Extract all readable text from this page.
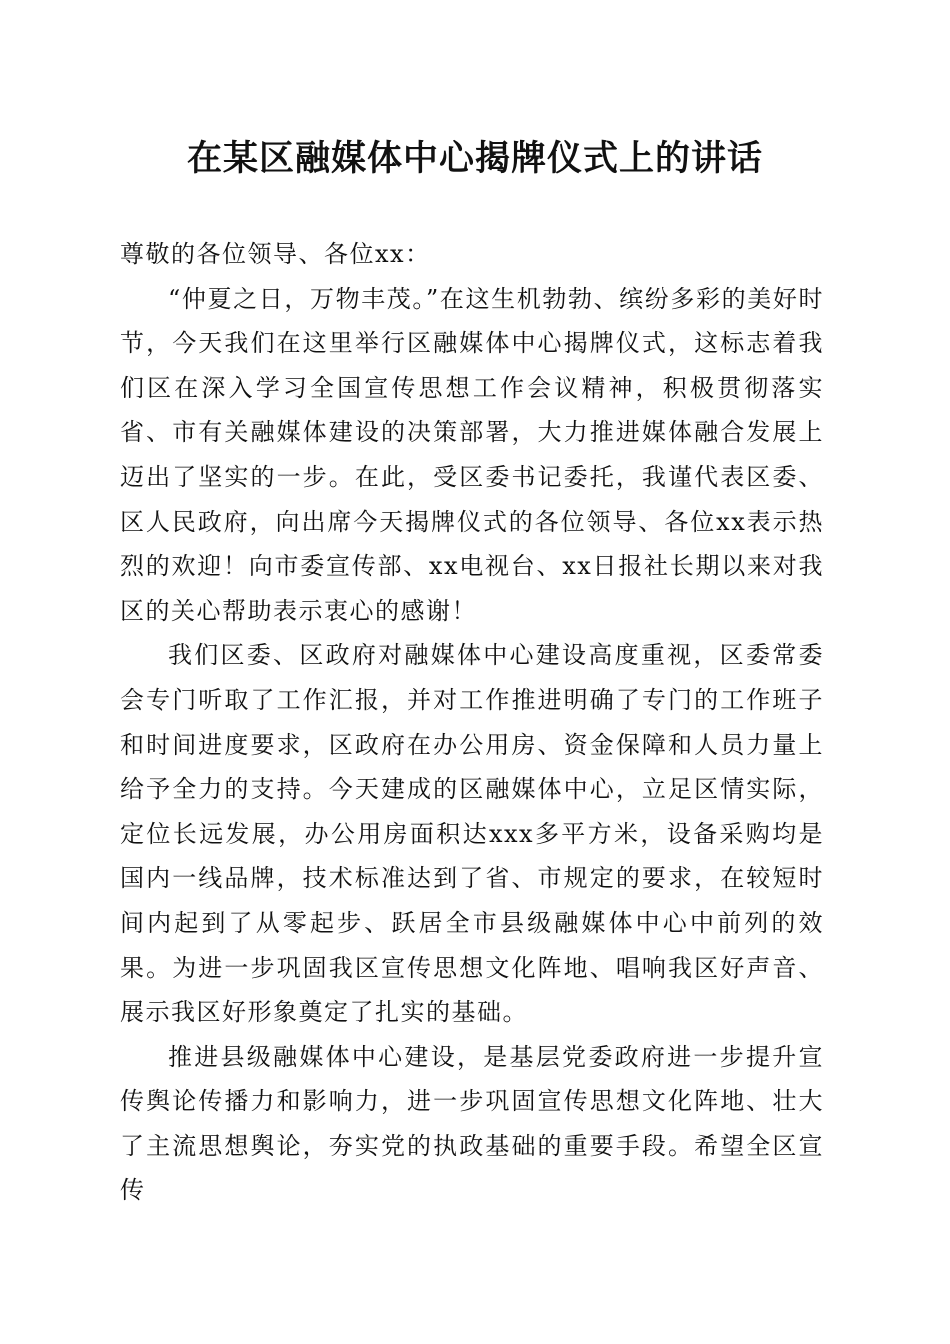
在某区融媒体中心揭牌仪式上的讲话

尊敬的各位领导、各位xx：

“仲夏之日，万物丰茂。”在这生机勃勃、缤纷多彩的美好时节，今天我们在这里举行区融媒体中心揭牌仪式，这标志着我们区在深入学习全国宣传思想工作会议精神，积极贯彻落实省、市有关融媒体建设的决策部署，大力推进媒体融合发展上迈出了坚实的一步。在此，受区委书记委托，我谨代表区委、区人民政府，向出席今天揭牌仪式的各位领导、各位xx表示热烈的欢迎！向市委宣传部、xx电视台、xx日报社长期以来对我区的关心帮助表示衷心的感谢！

我们区委、区政府对融媒体中心建设高度重视，区委常委会专门听取了工作汇报，并对工作推进明确了专门的工作班子和时间进度要求，区政府在办公用房、资金保障和人员力量上给予全力的支持。今天建成的区融媒体中心，立足区情实际，定位长远发展，办公用房面积达xxx多平方米，设备采购均是国内一线品牌，技术标准达到了省、市规定的要求，在较短时间内起到了从零起步、跃居全市县级融媒体中心中前列的效果。为进一步巩固我区宣传思想文化阵地、唱响我区好声音、展示我区好形象奠定了扎实的基础。

推进县级融媒体中心建设，是基层党委政府进一步提升宣传舆论传播力和影响力，进一步巩固宣传思想文化阵地、壮大了主流思想舆论，夯实党的执政基础的重要手段。希望全区宣传
